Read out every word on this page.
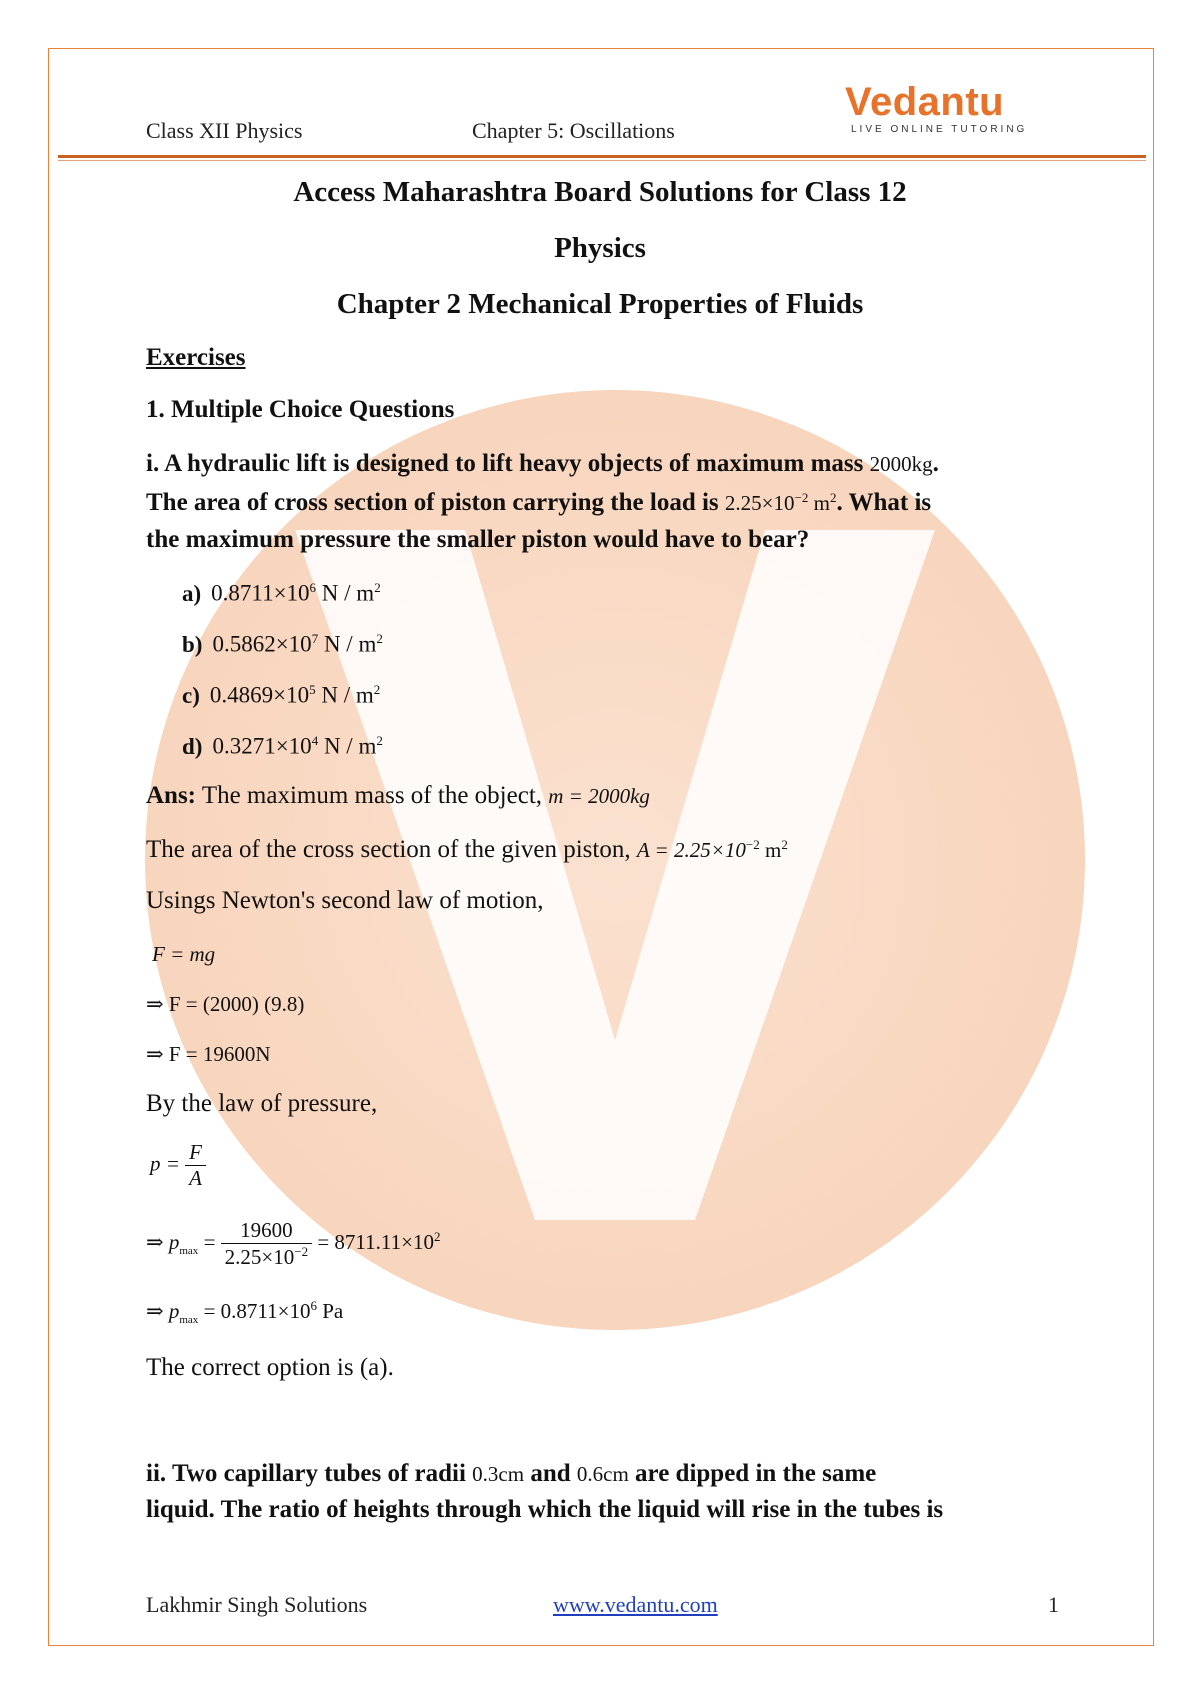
Class XII Physics	Chapter 5: Oscillations
Vedantu
LIVE ONLINE TUTORING
Access Maharashtra Board Solutions for Class 12
Physics
Chapter 2 Mechanical Properties of Fluids
Exercises
1. Multiple Choice Questions
i. A hydraulic lift is designed to lift heavy objects of maximum mass 2000kg.
The area of cross section of piston carrying the load is $2.25\times 10^{-2}$ $m^2$. What is
the maximum pressure the smaller piston would have to bear?
a) $0.8711\times 10^6$ N / $m^2$
b) $0.5862\times 10^7$ N / $m^2$
c) $0.4869\times 10^5$ N / $m^2$
d) $0.3271\times 10^4$ N / $m^2$
Ans: The maximum mass of the object, m = 2000kg
The area of the cross section of the given piston, $A = 2.25\times 10^{-2}$ $m^2$
Usings Newton's second law of motion,
F = mg
⇒ F = (2000) (9.8)
⇒ F = 19600N
By the law of pressure,
$p = \frac{F}{A}$
⇒ $p_{max} = \frac{19600}{2.25\times 10^{-2}} = 8711.11\times 10^2$
⇒ $p_{max} = 0.8711\times 10^6$ Pa
The correct option is (a).
ii. Two capillary tubes of radii 0.3cm and 0.6cm are dipped in the same
liquid. The ratio of heights through which the liquid will rise in the tubes is
Lakhmir Singh Solutions	www.vedantu.com	1
